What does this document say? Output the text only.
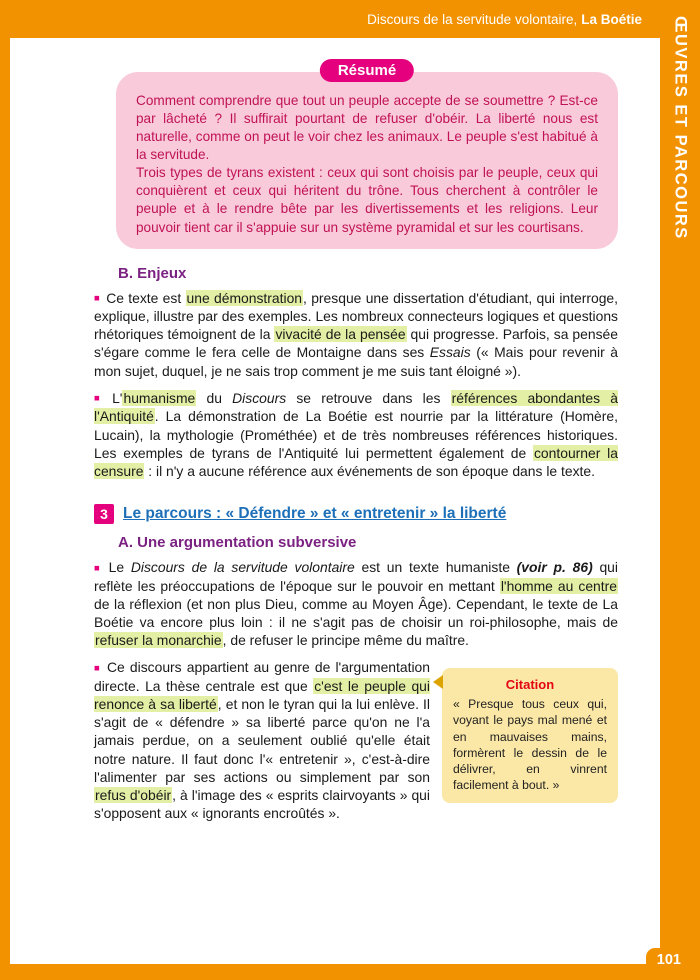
Discours de la servitude volontaire, La Boétie ŒUVRES ET PARCOURS
Résumé

Comment comprendre que tout un peuple accepte de se soumettre ? Est-ce par lâcheté ? Il suffirait pourtant de refuser d'obéir. La liberté nous est naturelle, comme on peut le voir chez les animaux. Le peuple s'est habitué à la servitude.

Trois types de tyrans existent : ceux qui sont choisis par le peuple, ceux qui conquièrent et ceux qui héritent du trône. Tous cherchent à contrôler le peuple et à le rendre bête par les divertissements et les religions. Leur pouvoir tient car il s'appuie sur un système pyramidal et sur les courtisans.

B. Enjeux

■ Ce texte est une démonstration, presque une dissertation d'étudiant, qui interroge, explique, illustre par des exemples. Les nombreux connecteurs logiques et questions rhétoriques témoignent de la vivacité de la pensée qui progresse. Parfois, sa pensée s'égare comme le fera celle de Montaigne dans ses Essais (« Mais pour revenir à mon sujet, duquel, je ne sais trop comment je me suis tant éloigné »).

■ L'humanisme du Discours se retrouve dans les références abondantes à l'Antiquité. La démonstration de La Boétie est nourrie par la littérature (Homère, Lucain), la mythologie (Prométhée) et de très nombreuses références historiques. Les exemples de tyrans de l'Antiquité lui permettent également de contourner la censure : il n'y a aucune référence aux événements de son époque dans le texte.

3 Le parcours : « Défendre » et « entretenir » la liberté
A. Une argumentation subversive

■ Le Discours de la servitude volontaire est un texte humaniste (voir p. 86) qui reflète les préoccupations de l'époque sur le pouvoir en mettant l'homme au centre de la réflexion (et non plus Dieu, comme au Moyen Âge). Cependant, le texte de La Boétie va encore plus loin : il ne s'agit pas de choisir un roi-philosophe, mais de refuser la monarchie, de refuser le principe même du maître.

Citation

« Presque tous ceux qui, voyant le pays mal mené et en mauvaises mains, formèrent le dessin de le délivrer, en vinrent facilement à bout. »

■ Ce discours appartient au genre de l'argumentation directe. La thèse centrale est que c'est le peuple qui renonce à sa liberté, et non le tyran qui la lui enlève. Il s'agit de « défendre » sa liberté parce qu'on ne l'a jamais perdue, on a seulement oublié qu'elle était notre nature. Il faut donc l'« entretenir », c'est-à-dire l'alimenter par ses actions ou simplement par son refus d'obéir, à l'image des « esprits clairvoyants » qui s'opposent aux « ignorants encroûtés ».

101
